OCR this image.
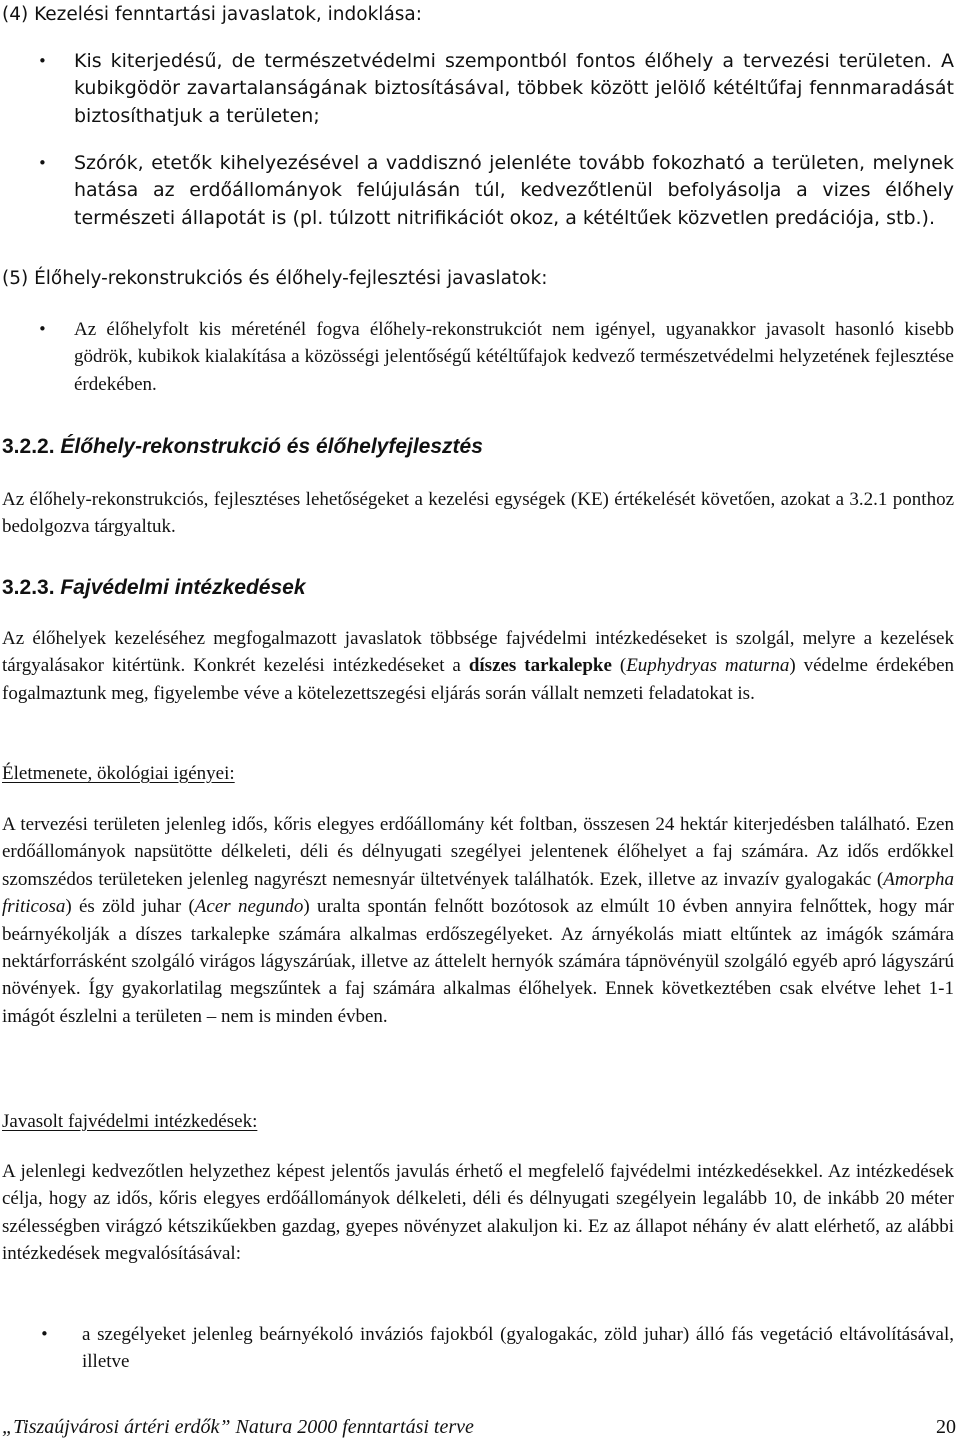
(4) Kezelési fenntartási javaslatok, indoklása:
• Kis kiterjedésű, de természetvédelmi szempontból fontos élőhely a tervezési területen. A kubikgödör zavartalanságának biztosításával, többek között jelölő kétéltűfaj fennmaradását biztosíthatjuk a területen;
• Szórók, etetők kihelyezésével a vaddisznó jelenléte tovább fokozható a területen, melynek hatása az erdőállományok felújulásán túl, kedvezőtlenül befolyásolja a vizes élőhely természeti állapotát is (pl. túlzott nitrifikációt okoz, a kétéltűek közvetlen predációja, stb.).
(5) Élőhely-rekonstrukciós és élőhely-fejlesztési javaslatok:
• Az élőhelyfolt kis méreténél fogva élőhely-rekonstrukciót nem igényel, ugyanakkor javasolt hasonló kisebb gödrök, kubikok kialakítása a közösségi jelentőségű kétéltűfajok kedvező természetvédelmi helyzetének fejlesztése érdekében.
3.2.2. Élőhely-rekonstrukció és élőhelyfejlesztés

Az élőhely-rekonstrukciós, fejlesztéses lehetőségeket a kezelési egységek (KE) értékelését követően, azokat a 3.2.1 ponthoz bedolgozva tárgyaltuk.

3.2.3. Fajvédelmi intézkedések

Az élőhelyek kezeléséhez megfogalmazott javaslatok többsége fajvédelmi intézkedéseket is szolgál, melyre a kezelések tárgyalásakor kitértünk. Konkrét kezelési intézkedéseket a díszes tarkalepke (Euphydryas maturna) védelme érdekében fogalmaztunk meg, figyelembe véve a kötelezettszegési eljárás során vállalt nemzeti feladatokat is.

Életmenete, ökológiai igényei:

A tervezési területen jelenleg idős, kőris elegyes erdőállomány két foltban, összesen 24 hektár kiterjedésben található. Ezen erdőállományok napsütötte délkeleti, déli és délnyugati szegélyei jelentenek élőhelyet a faj számára. Az idős erdőkkel szomszédos területeken jelenleg nagyrészt nemesnyár ültetvények találhatók. Ezek, illetve az invazív gyalogakác (Amorpha friticosa) és zöld juhar (Acer negundo) uralta spontán felnőtt bozótosok az elmúlt 10 évben annyira felnőttek, hogy már beárnyékolják a díszes tarkalepke számára alkalmas erdőszegélyeket. Az árnyékolás miatt eltűntek az imágók számára nektárforrásként szolgáló virágos lágyszárúak, illetve az áttelelt hernyók számára tápnövényül szolgáló egyéb apró lágyszárú növények. Így gyakorlatilag megszűntek a faj számára alkalmas élőhelyek. Ennek következtében csak elvétve lehet 1-1 imágót észlelni a területen – nem is minden évben.

Javasolt fajvédelmi intézkedések:

A jelenlegi kedvezőtlen helyzethez képest jelentős javulás érhető el megfelelő fajvédelmi intézkedésekkel. Az intézkedések célja, hogy az idős, kőris elegyes erdőállományok délkeleti, déli és délnyugati szegélyein legalább 10, de inkább 20 méter szélességben virágzó kétszikűekben gazdag, gyepes növényzet alakuljon ki. Ez az állapot néhány év alatt elérhető, az alábbi intézkedések megvalósításával:

• a szegélyeket jelenleg beárnyékoló inváziós fajokból (gyalogakác, zöld juhar) álló fás vegetáció eltávolításával, illetve
„Tiszaújvárosi ártéri erdők” Natura 2000 fenntartási terve	20
